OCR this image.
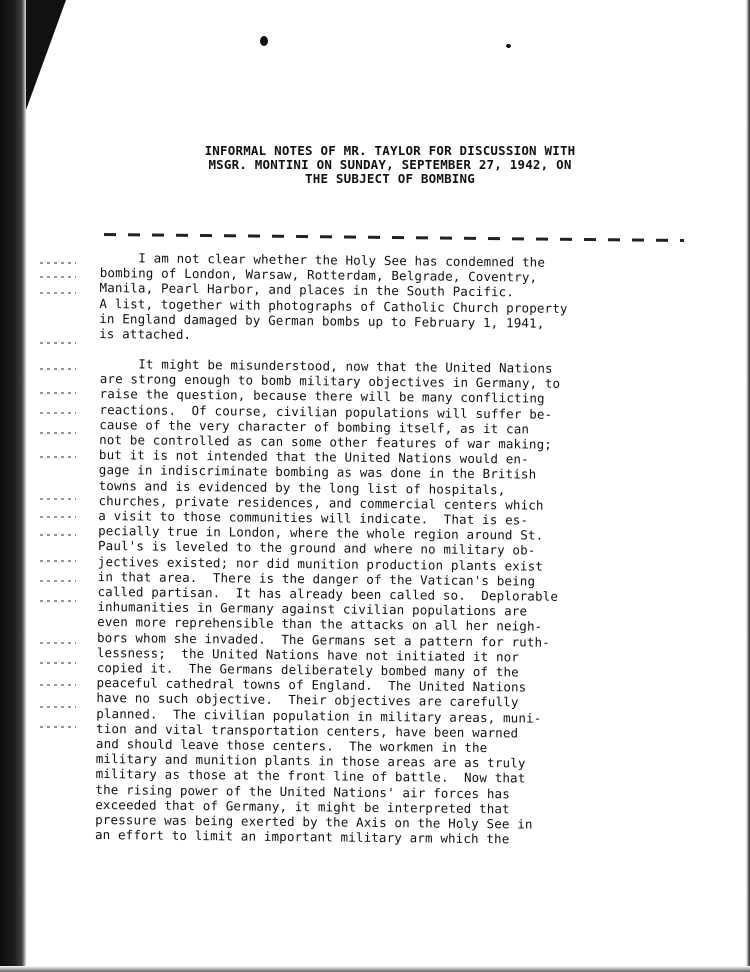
INFORMAL NOTES OF MR. TAYLOR FOR DISCUSSION WITH
MSGR. MONTINI ON SUNDAY, SEPTEMBER 27, 1942, ON
THE SUBJECT OF BOMBING
I am not clear whether the Holy See has condemned the
bombing of London, Warsaw, Rotterdam, Belgrade, Coventry,
Manila, Pearl Harbor, and places in the South Pacific.
A list, together with photographs of Catholic Church property
in England damaged by German bombs up to February 1, 1941,
is attached.
It might be misunderstood, now that the United Nations
are strong enough to bomb military objectives in Germany, to
raise the question, because there will be many conflicting
reactions.  Of course, civilian populations will suffer be-
cause of the very character of bombing itself, as it can
not be controlled as can some other features of war making;
but it is not intended that the United Nations would en-
gage in indiscriminate bombing as was done in the British
towns and is evidenced by the long list of hospitals,
churches, private residences, and commercial centers which
a visit to those communities will indicate.  That is es-
pecially true in London, where the whole region around St.
Paul's is leveled to the ground and where no military ob-
jectives existed; nor did munition production plants exist
in that area.  There is the danger of the Vatican's being
called partisan.  It has already been called so.  Deplorable
inhumanities in Germany against civilian populations are
even more reprehensible than the attacks on all her neigh-
bors whom she invaded.  The Germans set a pattern for ruth-
lessness;  the United Nations have not initiated it nor
copied it.  The Germans deliberately bombed many of the
peaceful cathedral towns of England.  The United Nations
have no such objective.  Their objectives are carefully
planned.  The civilian population in military areas, muni-
tion and vital transportation centers, have been warned
and should leave those centers.  The workmen in the
military and munition plants in those areas are as truly
military as those at the front line of battle.  Now that
the rising power of the United Nations' air forces has
exceeded that of Germany, it might be interpreted that
pressure was being exerted by the Axis on the Holy See in
an effort to limit an important military arm which the
